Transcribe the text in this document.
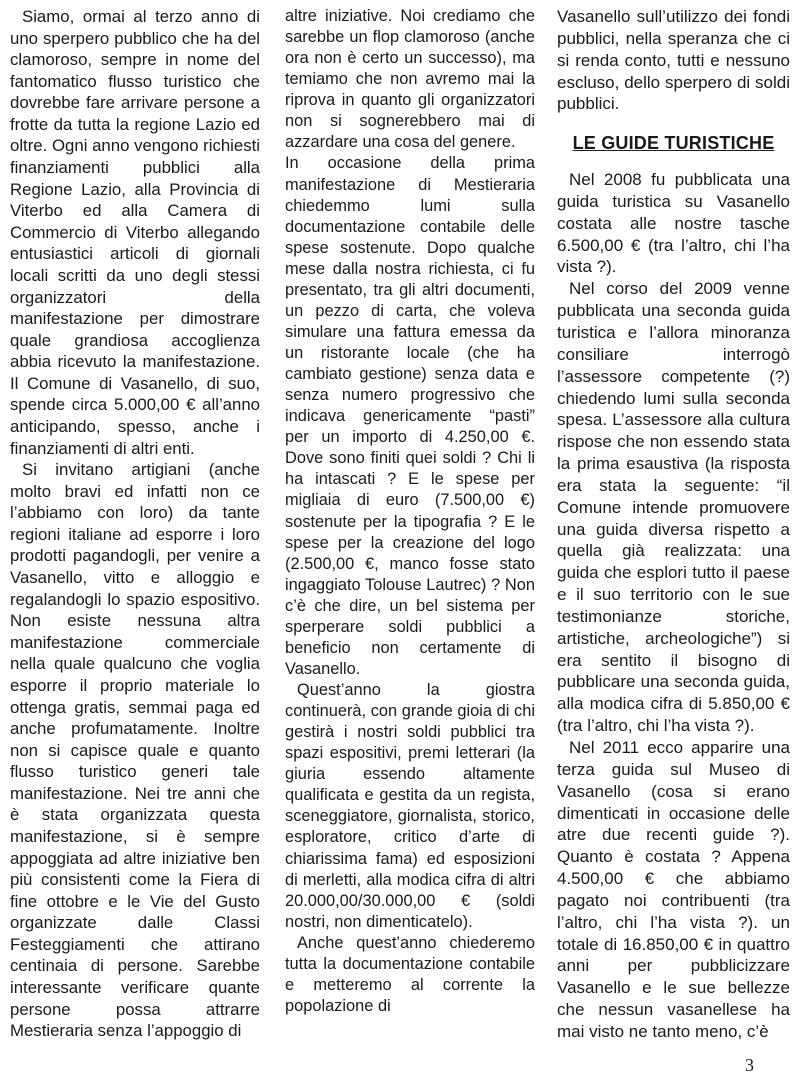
Siamo, ormai al terzo anno di uno sperpero pubblico che ha del clamoroso, sempre in nome del fantomatico flusso turistico che dovrebbe fare arrivare persone a frotte da tutta la regione Lazio ed oltre. Ogni anno vengono richiesti finanziamenti pubblici alla Regione Lazio, alla Provincia di Viterbo ed alla Camera di Commercio di Viterbo allegando entusiastici articoli di giornali locali scritti da uno degli stessi organizzatori della manifestazione per dimostrare quale grandiosa accoglienza abbia ricevuto la manifestazione. Il Comune di Vasanello, di suo, spende circa 5.000,00 € all’anno anticipando, spesso, anche i finanziamenti di altri enti.

Si invitano artigiani (anche molto bravi ed infatti non ce l’abbiamo con loro) da tante regioni italiane ad esporre i loro prodotti pagandogli, per venire a Vasanello, vitto e alloggio e regalandogli lo spazio espositivo. Non esiste nessuna altra manifestazione commerciale nella quale qualcuno che voglia esporre il proprio materiale lo ottenga gratis, semmai paga ed anche profumatamente. Inoltre non si capisce quale e quanto flusso turistico generi tale manifestazione. Nei tre anni che è stata organizzata questa manifestazione, si è sempre appoggiata ad altre iniziative ben più consistenti come la Fiera di fine ottobre e le Vie del Gusto organizzate dalle Classi Festeggiamenti che attirano centinaia di persone. Sarebbe interessante verificare quante persone possa attrarre Mestieraria senza l’appoggio di

altre iniziative. Noi crediamo che sarebbe un flop clamoroso (anche ora non è certo un successo), ma temiamo che non avremo mai la riprova in quanto gli organizzatori non si sognerebbero mai di azzardare una cosa del genere.

In occasione della prima manifestazione di Mestieraria chiedemmo lumi sulla documentazione contabile delle spese sostenute. Dopo qualche mese dalla nostra richiesta, ci fu presentato, tra gli altri documenti, un pezzo di carta, che voleva simulare una fattura emessa da un ristorante locale (che ha cambiato gestione) senza data e senza numero progressivo che indicava genericamente “pasti” per un importo di 4.250,00 €. Dove sono finiti quei soldi ? Chi li ha intascati ? E le spese per migliaia di euro (7.500,00 €) sostenute per la tipografia ? E le spese per la creazione del logo (2.500,00 €, manco fosse stato ingaggiato Tolouse Lautrec) ? Non c’è che dire, un bel sistema per sperperare soldi pubblici a beneficio non certamente di Vasanello.

Quest’anno la giostra continuerà, con grande gioia di chi gestirà i nostri soldi pubblici tra spazi espositivi, premi letterari (la giuria essendo altamente qualificata e gestita da un regista, sceneggiatore, giornalista, storico, esploratore, critico d’arte di chiarissima fama) ed esposizioni di merletti, alla modica cifra di altri 20.000,00/30.000,00 € (soldi nostri, non dimenticatelo).

Anche quest’anno chiederemo tutta la documentazione contabile e metteremo al corrente la popolazione di

Vasanello sull’utilizzo dei fondi pubblici, nella speranza che ci si renda conto, tutti e nessuno escluso, dello sperpero di soldi pubblici.

LE GUIDE TURISTICHE

Nel 2008 fu pubblicata una guida turistica su Vasanello costata alle nostre tasche 6.500,00 € (tra l’altro, chi l’ha vista ?).

Nel corso del 2009 venne pubblicata una seconda guida turistica e l’allora minoranza consiliare interrogò l’assessore competente (?) chiedendo lumi sulla seconda spesa. L’assessore alla cultura rispose che non essendo stata la prima esaustiva (la risposta era stata la seguente: “il Comune intende promuovere una guida diversa rispetto a quella già realizzata: una guida che esplori tutto il paese e il suo territorio con le sue testimonianze storiche, artistiche, archeologiche”) si era sentito il bisogno di pubblicare una seconda guida, alla modica cifra di 5.850,00 € (tra l’altro, chi l’ha vista ?).

Nel 2011 ecco apparire una terza guida sul Museo di Vasanello (cosa si erano dimenticati in occasione delle atre due recenti guide ?). Quanto è costata ? Appena 4.500,00 € che abbiamo pagato noi contribuenti (tra l’altro, chi l’ha vista ?). un totale di 16.850,00 € in quattro anni per pubblicizzare Vasanello e le sue bellezze che nessun vasanellese ha mai visto ne tanto meno, c’è

3
